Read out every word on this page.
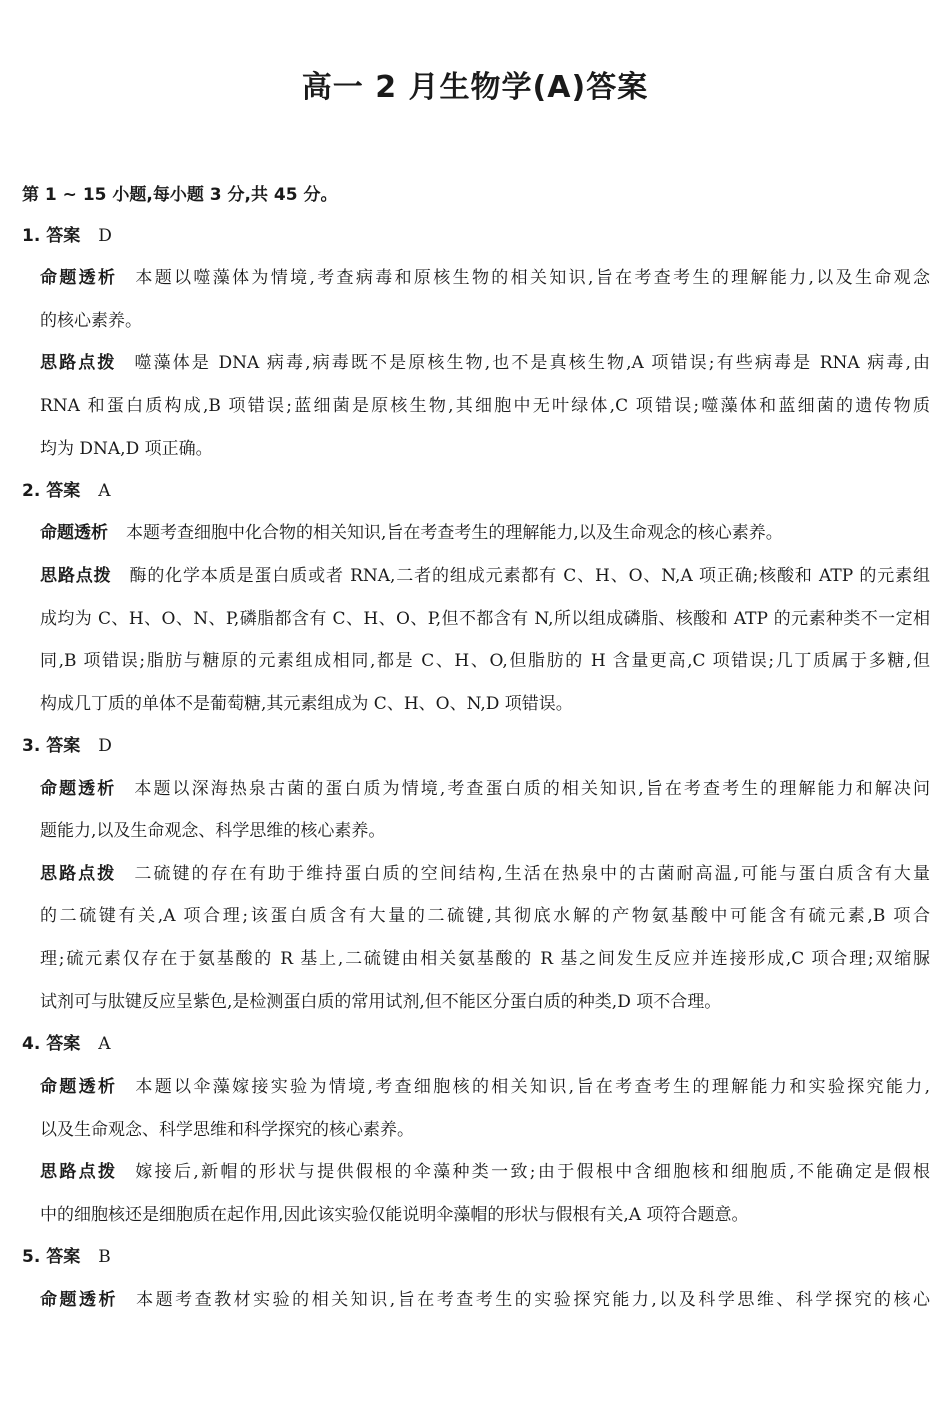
高一 2 月生物学(A)答案
第 1 ~ 15 小题,每小题 3 分,共 45 分。
1. 答案 D
命题透析 本题以噬藻体为情境,考查病毒和原核生物的相关知识,旨在考查考生的理解能力,以及生命观念
的核心素养。
思路点拨 噬藻体是 DNA 病毒,病毒既不是原核生物,也不是真核生物,A 项错误;有些病毒是 RNA 病毒,由
RNA 和蛋白质构成,B 项错误;蓝细菌是原核生物,其细胞中无叶绿体,C 项错误;噬藻体和蓝细菌的遗传物质
均为 DNA,D 项正确。
2. 答案 A
命题透析 本题考查细胞中化合物的相关知识,旨在考查考生的理解能力,以及生命观念的核心素养。
思路点拨 酶的化学本质是蛋白质或者 RNA,二者的组成元素都有 C、H、O、N,A 项正确;核酸和 ATP 的元素组
成均为 C、H、O、N、P,磷脂都含有 C、H、O、P,但不都含有 N,所以组成磷脂、核酸和 ATP 的元素种类不一定相
同,B 项错误;脂肪与糖原的元素组成相同,都是 C、H、O,但脂肪的 H 含量更高,C 项错误;几丁质属于多糖,但
构成几丁质的单体不是葡萄糖,其元素组成为 C、H、O、N,D 项错误。
3. 答案 D
命题透析 本题以深海热泉古菌的蛋白质为情境,考查蛋白质的相关知识,旨在考查考生的理解能力和解决问
题能力,以及生命观念、科学思维的核心素养。
思路点拨 二硫键的存在有助于维持蛋白质的空间结构,生活在热泉中的古菌耐高温,可能与蛋白质含有大量
的二硫键有关,A 项合理;该蛋白质含有大量的二硫键,其彻底水解的产物氨基酸中可能含有硫元素,B 项合
理;硫元素仅存在于氨基酸的 R 基上,二硫键由相关氨基酸的 R 基之间发生反应并连接形成,C 项合理;双缩脲
试剂可与肽键反应呈紫色,是检测蛋白质的常用试剂,但不能区分蛋白质的种类,D 项不合理。
4. 答案 A
命题透析 本题以伞藻嫁接实验为情境,考查细胞核的相关知识,旨在考查考生的理解能力和实验探究能力,
以及生命观念、科学思维和科学探究的核心素养。
思路点拨 嫁接后,新帽的形状与提供假根的伞藻种类一致;由于假根中含细胞核和细胞质,不能确定是假根
中的细胞核还是细胞质在起作用,因此该实验仅能说明伞藻帽的形状与假根有关,A 项符合题意。
5. 答案 B
命题透析 本题考查教材实验的相关知识,旨在考查考生的实验探究能力,以及科学思维、科学探究的核心
